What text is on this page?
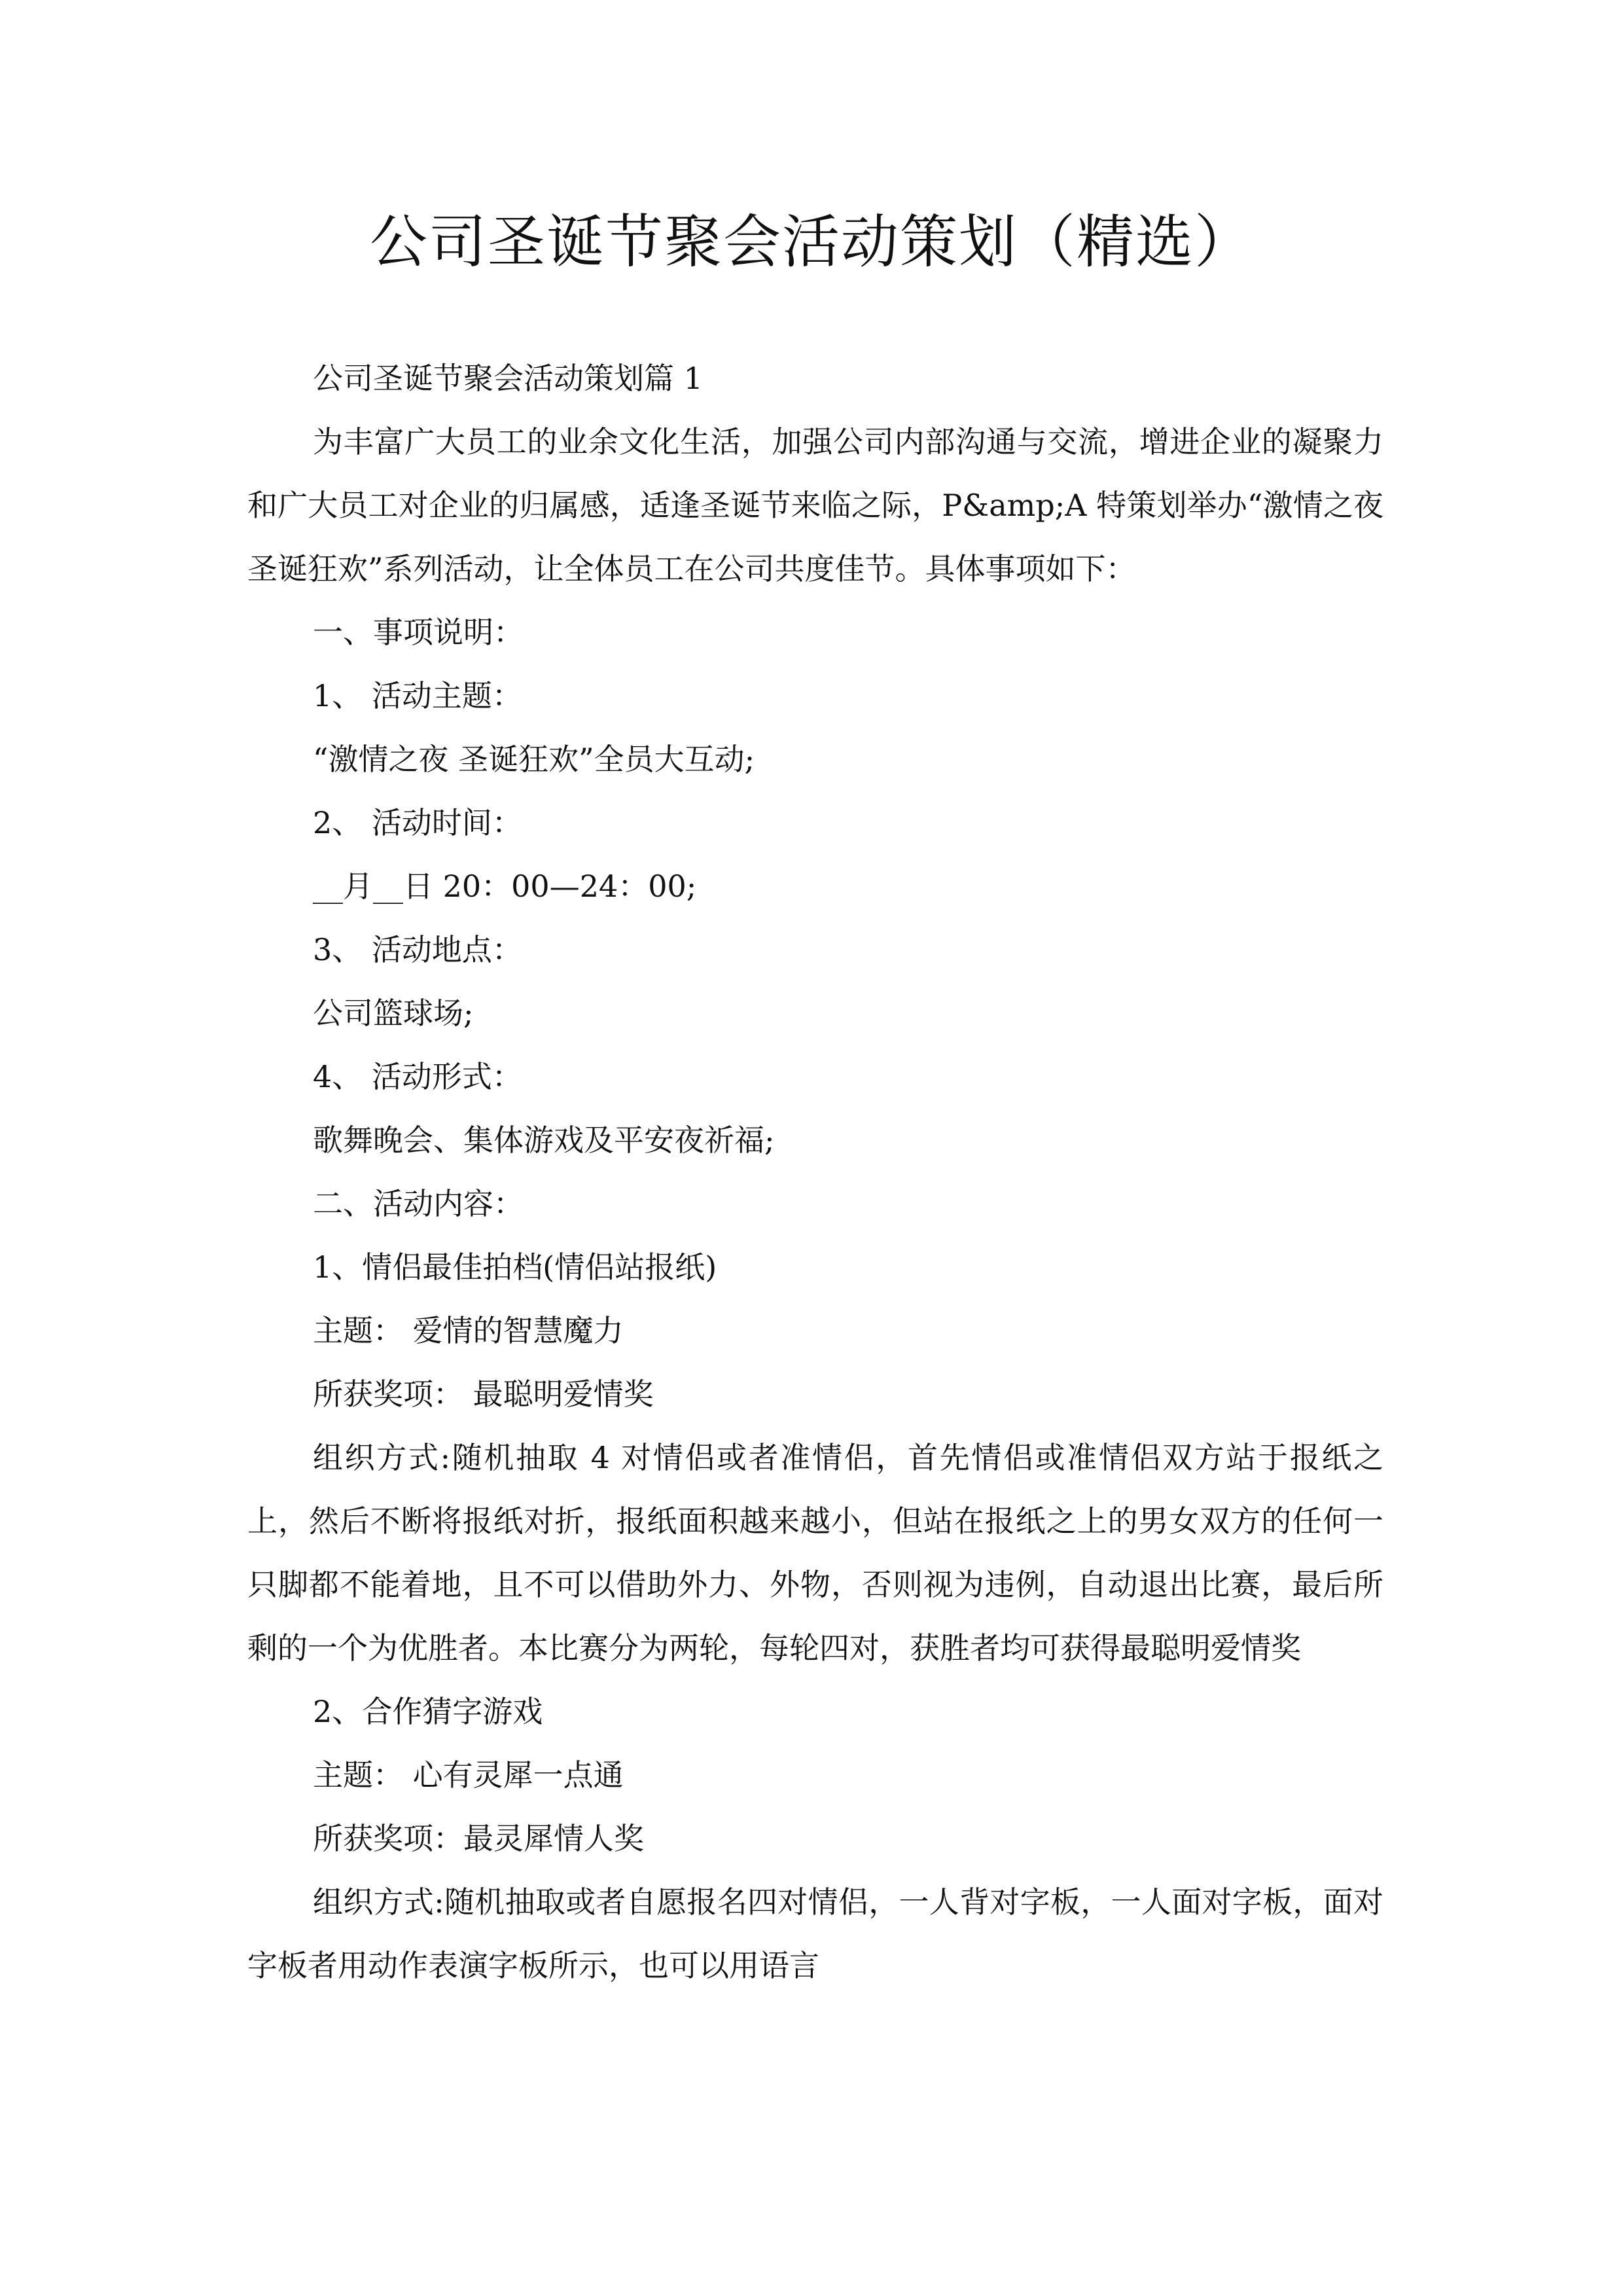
公司圣诞节聚会活动策划（精选）

公司圣诞节聚会活动策划篇 1

为丰富广大员工的业余文化生活，加强公司内部沟通与交流，增进企业的凝聚力和广大员工对企业的归属感，适逢圣诞节来临之际，P&amp;A 特策划举办“激情之夜 圣诞狂欢”系列活动，让全体员工在公司共度佳节。具体事项如下：

一、事项说明：

1、 活动主题：

“激情之夜 圣诞狂欢”全员大互动;

2、 活动时间：

__月__日 20：00—24：00;

3、 活动地点：

公司篮球场;

4、 活动形式：

歌舞晚会、集体游戏及平安夜祈福;

二、活动内容：

1、情侣最佳拍档(情侣站报纸)

主题： 爱情的智慧魔力

所获奖项： 最聪明爱情奖

组织方式:随机抽取 4 对情侣或者准情侣，首先情侣或准情侣双方站于报纸之上，然后不断将报纸对折，报纸面积越来越小，但站在报纸之上的男女双方的任何一只脚都不能着地，且不可以借助外力、外物，否则视为违例，自动退出比赛，最后所剩的一个为优胜者。本比赛分为两轮，每轮四对，获胜者均可获得最聪明爱情奖

2、合作猜字游戏

主题： 心有灵犀一点通

所获奖项：最灵犀情人奖

组织方式:随机抽取或者自愿报名四对情侣，一人背对字板，一人面对字板，面对字板者用动作表演字板所示，也可以用语言
